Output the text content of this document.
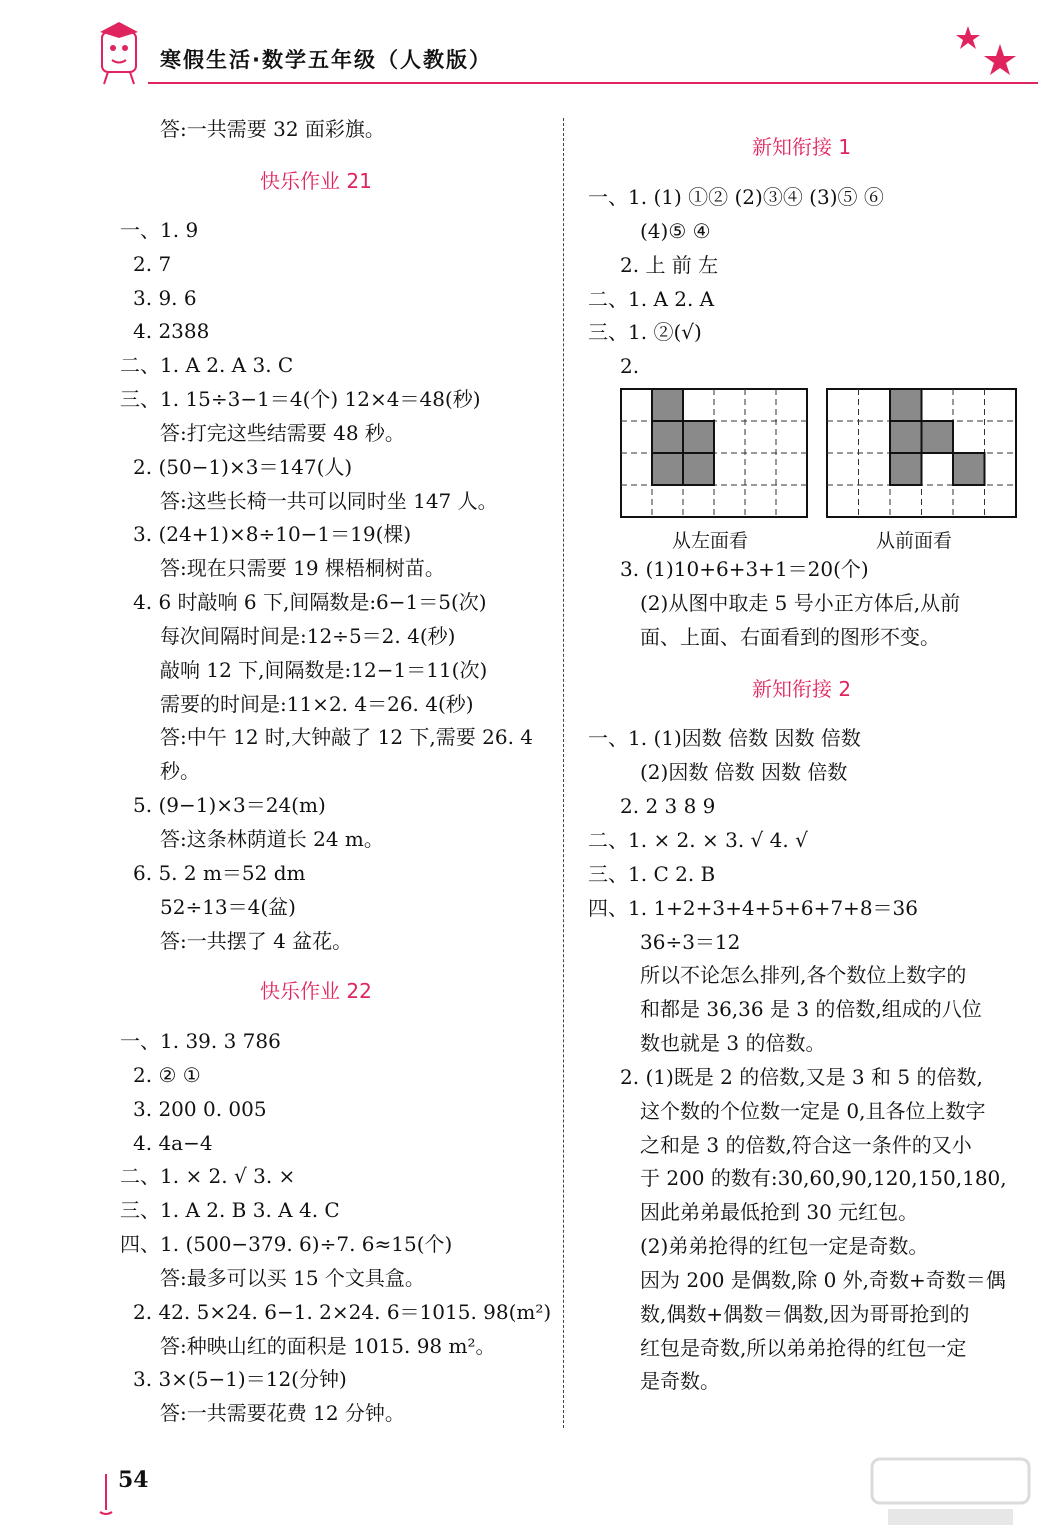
寒假生活·数学五年级（人教版）
答:一共需要 32 面彩旗。
快乐作业 21
一、1. 9
2. 7
3. 9. 6
4. 2388
二、1. A 2. A 3. C
三、1. 15÷3−1＝4(个) 12×4＝48(秒)
答:打完这些结需要 48 秒。
2. (50−1)×3＝147(人)
答:这些长椅一共可以同时坐 147 人。
3. (24+1)×8÷10−1＝19(棵)
答:现在只需要 19 棵梧桐树苗。
4. 6 时敲响 6 下,间隔数是:6−1＝5(次)
每次间隔时间是:12÷5＝2. 4(秒)
敲响 12 下,间隔数是:12−1＝11(次)
需要的时间是:11×2. 4＝26. 4(秒)
答:中午 12 时,大钟敲了 12 下,需要 26. 4
秒。
5. (9−1)×3＝24(m)
答:这条林荫道长 24 m。
6. 5. 2 m＝52 dm
52÷13＝4(盆)
答:一共摆了 4 盆花。
快乐作业 22
一、1. 39. 3 786
2. ② ①
3. 200 0. 005
4. 4a−4
二、1. × 2. √ 3. ×
三、1. A 2. B 3. A 4. C
四、1. (500−379. 6)÷7. 6≈15(个)
答:最多可以买 15 个文具盒。
2. 42. 5×24. 6−1. 2×24. 6＝1015. 98(m²)
答:种映山红的面积是 1015. 98 m²。
3. 3×(5−1)＝12(分钟)
答:一共需要花费 12 分钟。
新知衔接 1
一、1. (1) ①② (2)③④ (3)⑤ ⑥
(4)⑤ ④
2. 上 前 左
二、1. A 2. A
三、1. ②(√)
2.
3. (1)10+6+3+1＝20(个)
(2)从图中取走 5 号小正方体后,从前
面、上面、右面看到的图形不变。
新知衔接 2
一、1. (1)因数 倍数 因数 倍数
(2)因数 倍数 因数 倍数
2. 2 3 8 9
二、1. × 2. × 3. √ 4. √
三、1. C 2. B
四、1. 1+2+3+4+5+6+7+8＝36
36÷3＝12
所以不论怎么排列,各个数位上数字的
和都是 36,36 是 3 的倍数,组成的八位
数也就是 3 的倍数。
2. (1)既是 2 的倍数,又是 3 和 5 的倍数,
这个数的个位数一定是 0,且各位上数字
之和是 3 的倍数,符合这一条件的又小
于 200 的数有:30,60,90,120,150,180,
因此弟弟最低抢到 30 元红包。
(2)弟弟抢得的红包一定是奇数。
因为 200 是偶数,除 0 外,奇数+奇数＝偶
数,偶数+偶数＝偶数,因为哥哥抢到的
红包是奇数,所以弟弟抢得的红包一定
是奇数。
从左面看	从前面看
54
